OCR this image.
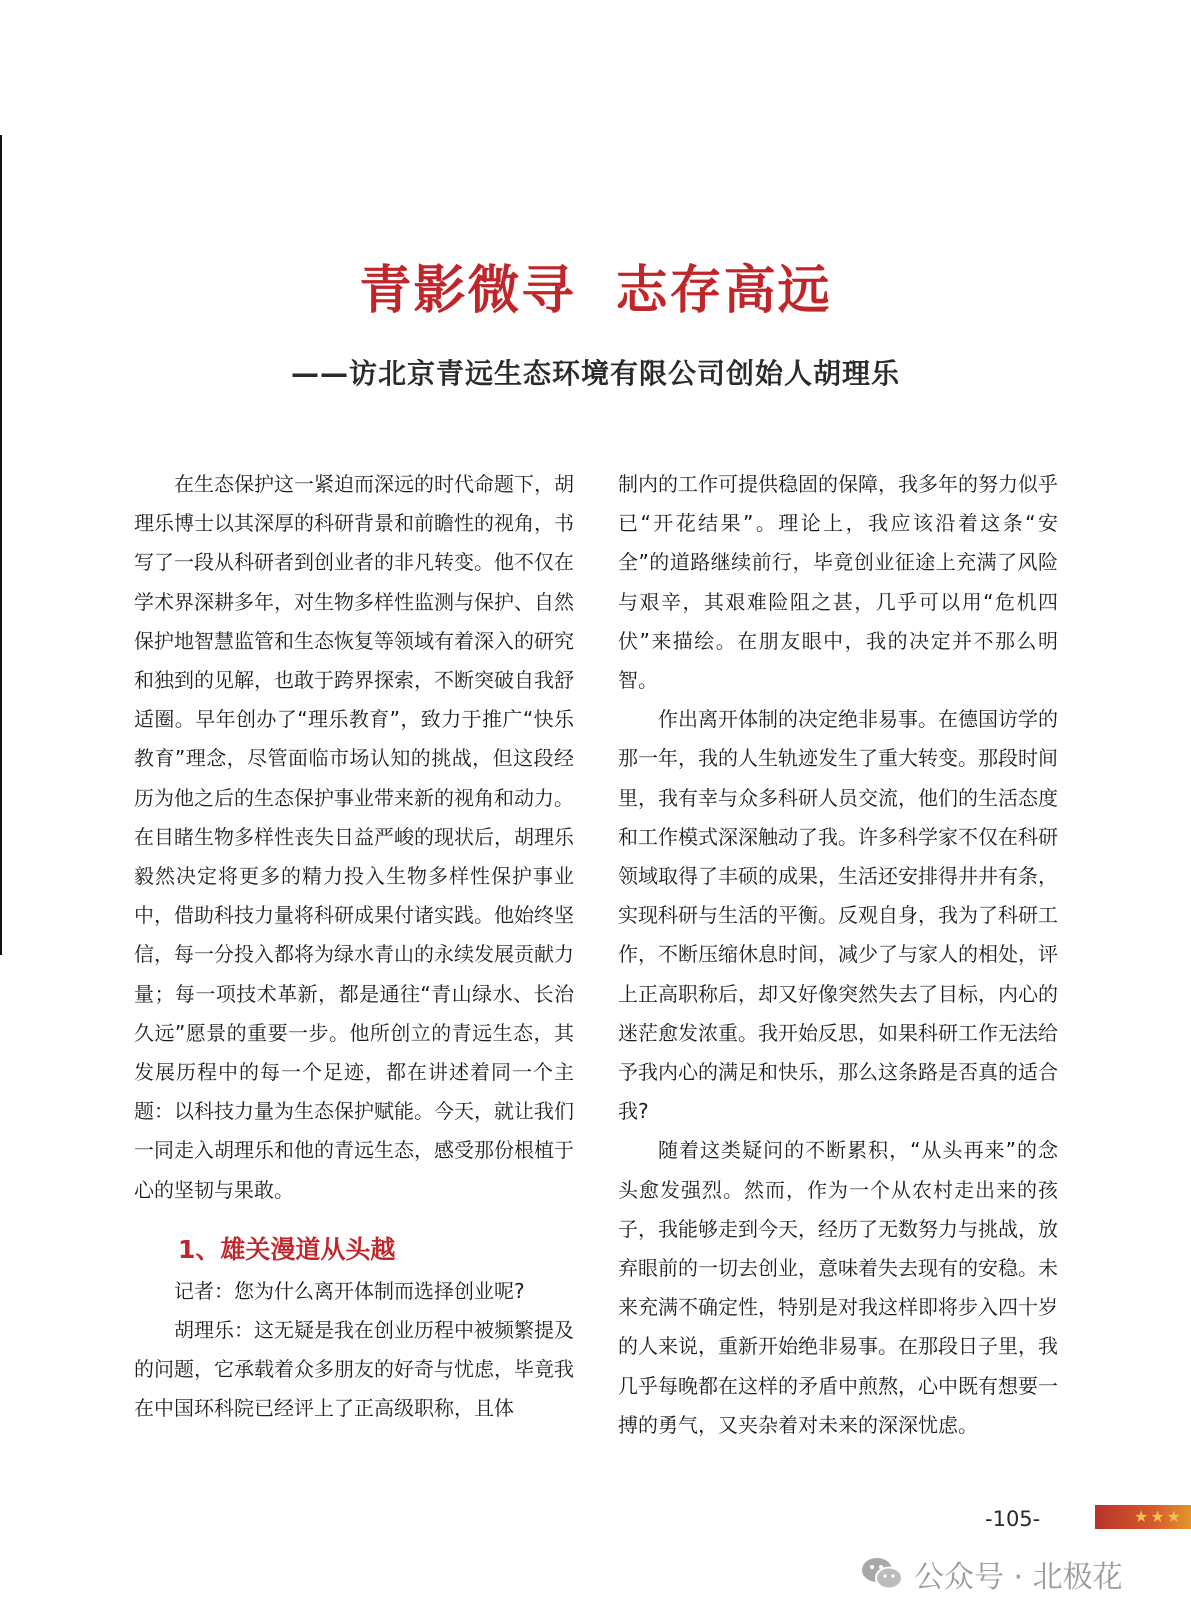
青影微寻  志存高远
——访北京青远生态环境有限公司创始人胡理乐

在生态保护这一紧迫而深远的时代命题下，胡理乐博士以其深厚的科研背景和前瞻性的视角，书写了一段从科研者到创业者的非凡转变。他不仅在学术界深耕多年，对生物多样性监测与保护、自然保护地智慧监管和生态恢复等领域有着深入的研究和独到的见解，也敢于跨界探索，不断突破自我舒适圈。早年创办了“理乐教育”，致力于推广“快乐教育”理念，尽管面临市场认知的挑战，但这段经历为他之后的生态保护事业带来新的视角和动力。在目睹生物多样性丧失日益严峻的现状后，胡理乐毅然决定将更多的精力投入生物多样性保护事业中，借助科技力量将科研成果付诸实践。他始终坚信，每一分投入都将为绿水青山的永续发展贡献力量；每一项技术革新，都是通往“青山绿水、长治久远”愿景的重要一步。他所创立的青远生态，其发展历程中的每一个足迹，都在讲述着同一个主题：以科技力量为生态保护赋能。今天，就让我们一同走入胡理乐和他的青远生态，感受那份根植于心的坚韧与果敢。

1、雄关漫道从头越

记者：您为什么离开体制而选择创业呢?

胡理乐：这无疑是我在创业历程中被频繁提及的问题，它承载着众多朋友的好奇与忧虑，毕竟我在中国环科院已经评上了正高级职称，且体

制内的工作可提供稳固的保障，我多年的努力似乎已“开花结果”。理论上，我应该沿着这条“安全”的道路继续前行，毕竟创业征途上充满了风险与艰辛，其艰难险阻之甚，几乎可以用“危机四伏”来描绘。在朋友眼中，我的决定并不那么明智。

作出离开体制的决定绝非易事。在德国访学的那一年，我的人生轨迹发生了重大转变。那段时间里，我有幸与众多科研人员交流，他们的生活态度和工作模式深深触动了我。许多科学家不仅在科研领域取得了丰硕的成果，生活还安排得井井有条，实现科研与生活的平衡。反观自身，我为了科研工作，不断压缩休息时间，减少了与家人的相处，评上正高职称后，却又好像突然失去了目标，内心的迷茫愈发浓重。我开始反思，如果科研工作无法给予我内心的满足和快乐，那么这条路是否真的适合我?

随着这类疑问的不断累积，“从头再来”的念头愈发强烈。然而，作为一个从农村走出来的孩子，我能够走到今天，经历了无数努力与挑战，放弃眼前的一切去创业，意味着失去现有的安稳。未来充满不确定性，特别是对我这样即将步入四十岁的人来说，重新开始绝非易事。在那段日子里，我几乎每晚都在这样的矛盾中煎熬，心中既有想要一搏的勇气，又夹杂着对未来的深深忧虑。

-105-	★★★
公众号 · 北极花
